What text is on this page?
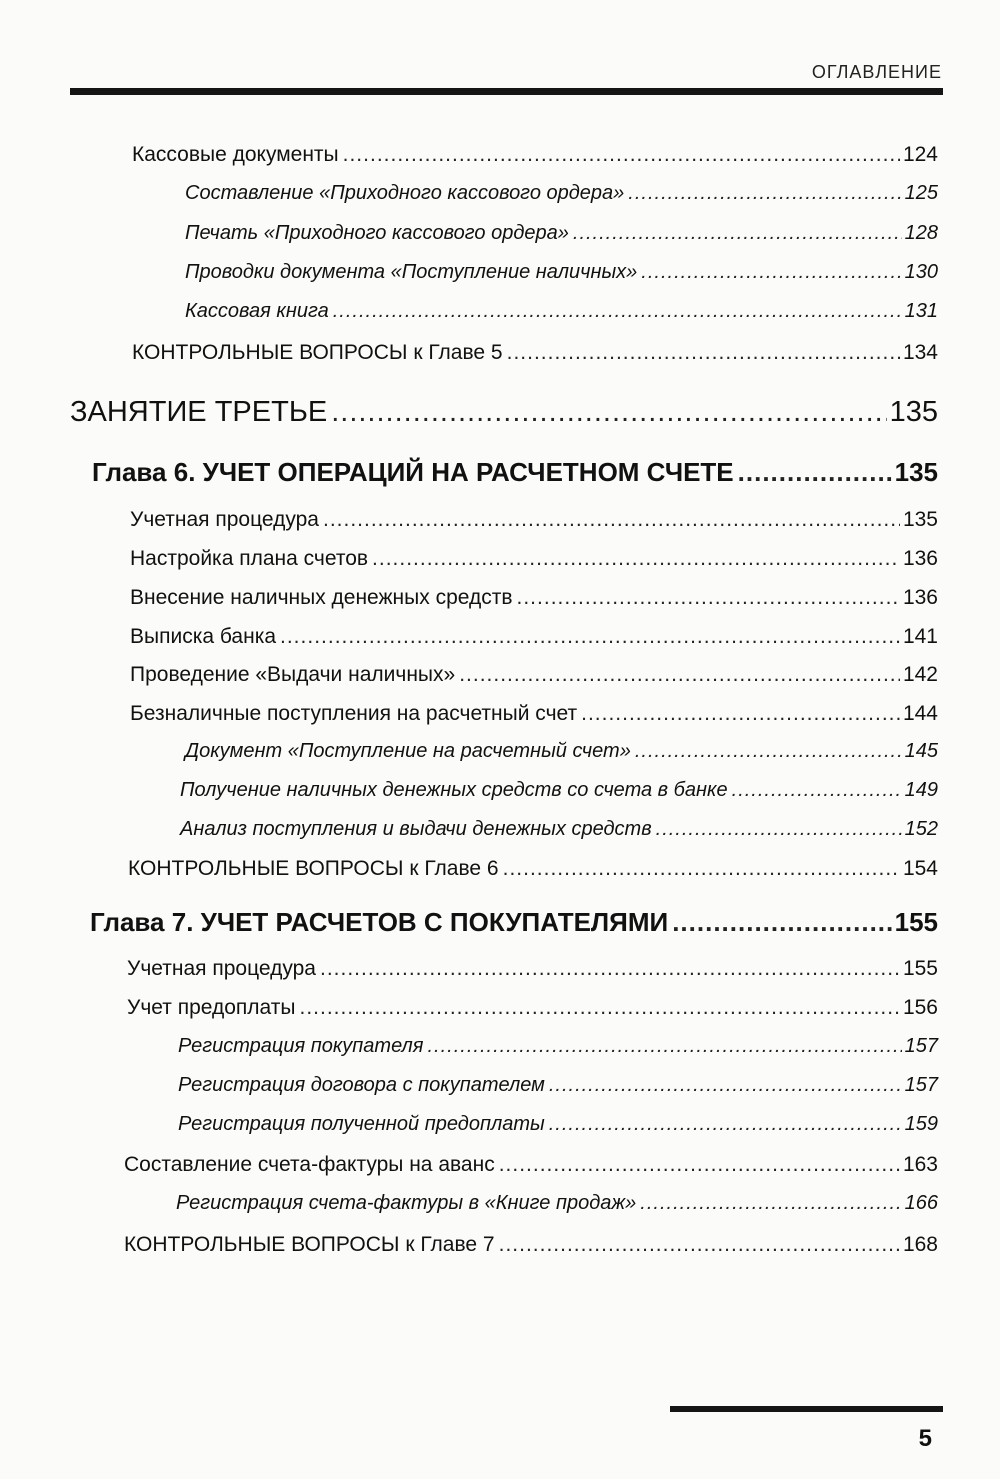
ОГЛАВЛЕНИЕ
Кассовые документы .....	124
Составление «Приходного кассового ордера» .....	125
Печать «Приходного кассового ордера» .....	128
Проводки документа «Поступление наличных» .....	130
Кассовая книга .....	131
КОНТРОЛЬНЫЕ ВОПРОСЫ к Главе 5 .....	134
ЗАНЯТИЕ ТРЕТЬЕ .....	135
Глава 6. УЧЕТ ОПЕРАЦИЙ НА РАСЧЕТНОМ СЧЕТЕ .....	135
Учетная процедура .....	135
Настройка плана счетов .....	136
Внесение наличных денежных средств .....	136
Выписка банка .....	141
Проведение «Выдачи наличных» .....	142
Безналичные поступления на расчетный счет .....	144
Документ «Поступление на расчетный счет» .....	145
Получение наличных денежных средств со счета в банке .....	149
Анализ поступления и выдачи денежных средств .....	152
КОНТРОЛЬНЫЕ ВОПРОСЫ к Главе 6 .....	154
Глава 7. УЧЕТ РАСЧЕТОВ С ПОКУПАТЕЛЯМИ .....	155
Учетная процедура .....	155
Учет предоплаты .....	156
Регистрация покупателя .....	157
Регистрация договора с покупателем .....	157
Регистрация полученной предоплаты .....	159
Составление счета-фактуры на аванс .....	163
Регистрация счета-фактуры в «Книге продаж» .....	166
КОНТРОЛЬНЫЕ ВОПРОСЫ к Главе 7 .....	168
5
